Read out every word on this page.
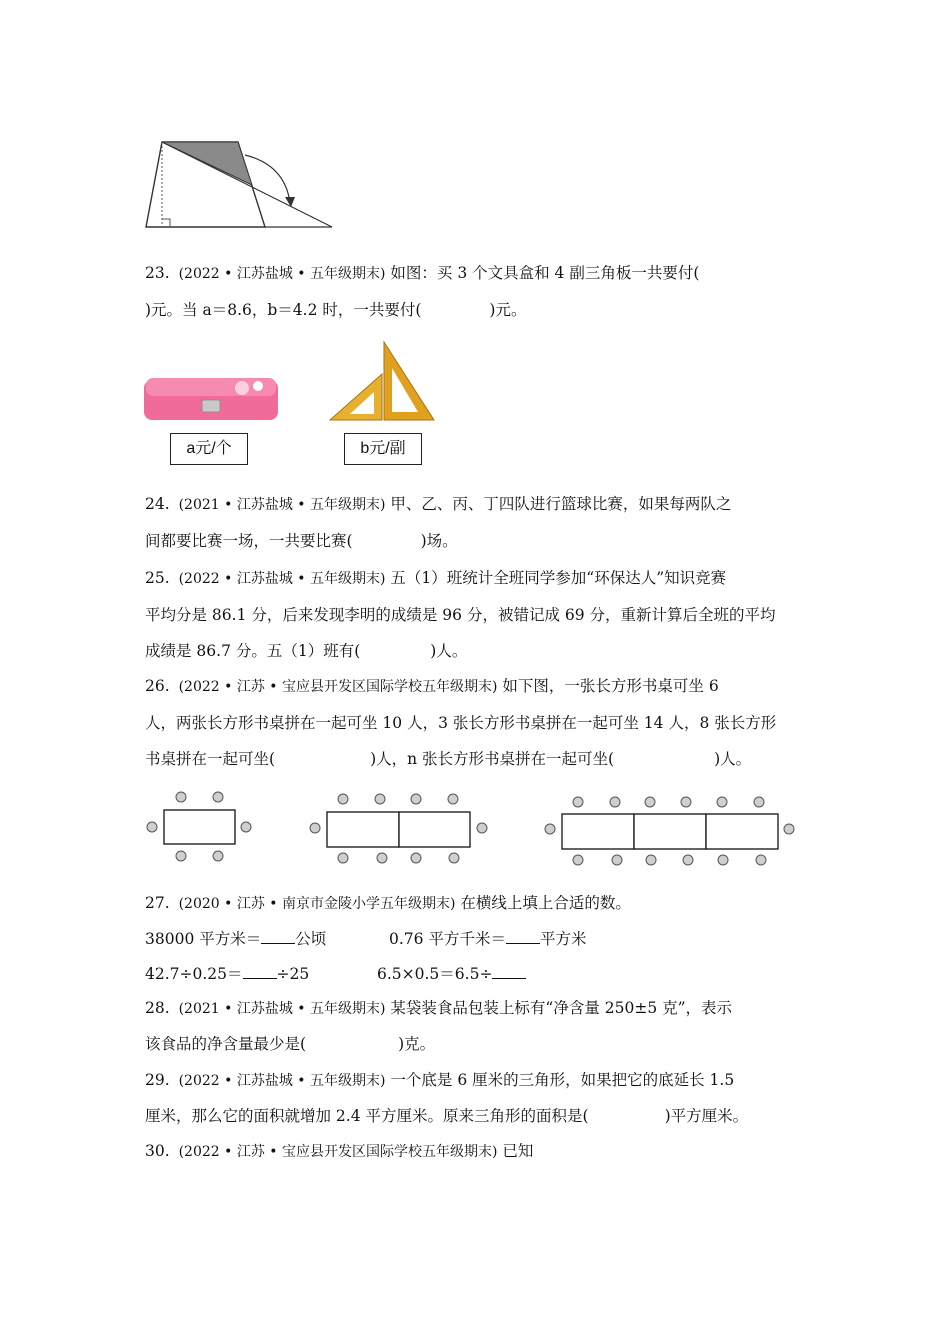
23. (2022 • 江苏盐城 • 五年级期末) 如图：买 3 个文具盒和 4 副三角板一共要付(
)元。当 a＝8.6，b＝4.2 时，一共要付(	)元。
a元/个	b元/副
24. (2021 • 江苏盐城 • 五年级期末) 甲、乙、丙、丁四队进行篮球比赛，如果每两队之
间都要比赛一场，一共要比赛(	)场。
25. (2022 • 江苏盐城 • 五年级期末) 五（1）班统计全班同学参加“环保达人”知识竞赛
平均分是 86.1 分，后来发现李明的成绩是 96 分，被错记成 69 分，重新计算后全班的平均
成绩是 86.7 分。五（1）班有(	)人。
26. (2022 • 江苏 • 宝应县开发区国际学校五年级期末) 如下图，一张长方形书桌可坐 6
人，两张长方形书桌拼在一起可坐 10 人，3 张长方形书桌拼在一起可坐 14 人，8 张长方形
书桌拼在一起可坐(	)人，n 张长方形书桌拼在一起可坐(	)人。
27. (2020 • 江苏 • 南京市金陵小学五年级期末) 在横线上填上合适的数。
38000 平方米＝ 公顷	0.76 平方千米＝ 平方米
42.7÷0.25＝ ÷25	6.5×0.5＝6.5÷
28. (2021 • 江苏盐城 • 五年级期末) 某袋装食品包装上标有“净含量 250±5 克”，表示
该食品的净含量最少是(	)克。
29. (2022 • 江苏盐城 • 五年级期末) 一个底是 6 厘米的三角形，如果把它的底延长 1.5
厘米，那么它的面积就增加 2.4 平方厘米。原来三角形的面积是(	)平方厘米。
30. (2022 • 江苏 • 宝应县开发区国际学校五年级期末) 已知
